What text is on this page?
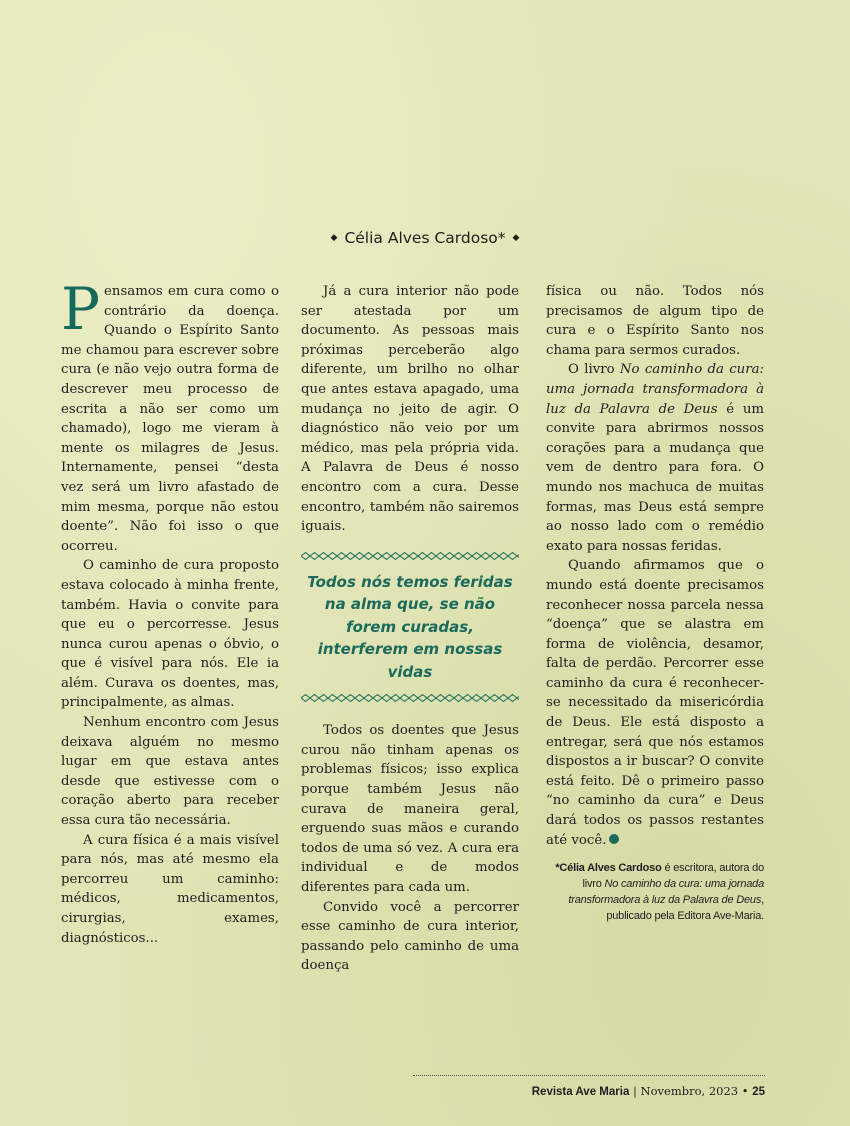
◆ Célia Alves Cardoso* ◆

Pensamos em cura como o contrário da doença. Quando o Espírito Santo me chamou para escrever sobre cura (e não vejo outra forma de descrever meu processo de escrita a não ser como um chamado), logo me vieram à mente os milagres de Jesus. Internamente, pensei “desta vez será um livro afastado de mim mesma, porque não estou doente”. Não foi isso o que ocorreu.

O caminho de cura proposto estava colocado à minha frente, também. Havia o convite para que eu o percorresse. Jesus nunca curou apenas o óbvio, o que é visível para nós. Ele ia além. Curava os doentes, mas, principalmente, as almas.

Nenhum encontro com Jesus deixava alguém no mesmo lugar em que estava antes desde que estivesse com o coração aberto para receber essa cura tão necessária.

A cura física é a mais visível para nós, mas até mesmo ela percorreu um caminho: médicos, medicamentos, cirurgias, exames, diagnósticos...

Já a cura interior não pode ser atestada por um documento. As pessoas mais próximas perceberão algo diferente, um brilho no olhar que antes estava apagado, uma mudança no jeito de agir. O diagnóstico não veio por um médico, mas pela própria vida. A Palavra de Deus é nosso encontro com a cura. Desse encontro, também não sairemos iguais.

Todos nós temos feridas na alma que, se não forem curadas, interferem em nossas vidas

Todos os doentes que Jesus curou não tinham apenas os problemas físicos; isso explica porque também Jesus não curava de maneira geral, erguendo suas mãos e curando todos de uma só vez. A cura era individual e de modos diferentes para cada um.

Convido você a percorrer esse caminho de cura interior, passando pelo caminho de uma doença

física ou não. Todos nós precisamos de algum tipo de cura e o Espírito Santo nos chama para sermos curados.

O livro No caminho da cura: uma jornada transformadora à luz da Palavra de Deus é um convite para abrirmos nossos corações para a mudança que vem de dentro para fora. O mundo nos machuca de muitas formas, mas Deus está sempre ao nosso lado com o remédio exato para nossas feridas.

Quando afirmamos que o mundo está doente precisamos reconhecer nossa parcela nessa “doença” que se alastra em forma de violência, desamor, falta de perdão. Percorrer esse caminho da cura é reconhecer-se necessitado da misericórdia de Deus. Ele está disposto a entregar, será que nós estamos dispostos a ir buscar? O convite está feito. Dê o primeiro passo “no caminho da cura” e Deus dará todos os passos restantes até você.

*Célia Alves Cardoso é escritora, autora do livro No caminho da cura: uma jornada transformadora à luz da Palavra de Deus, publicado pela Editora Ave-Maria.
Revista Ave Maria | Novembro, 2023 • 25
